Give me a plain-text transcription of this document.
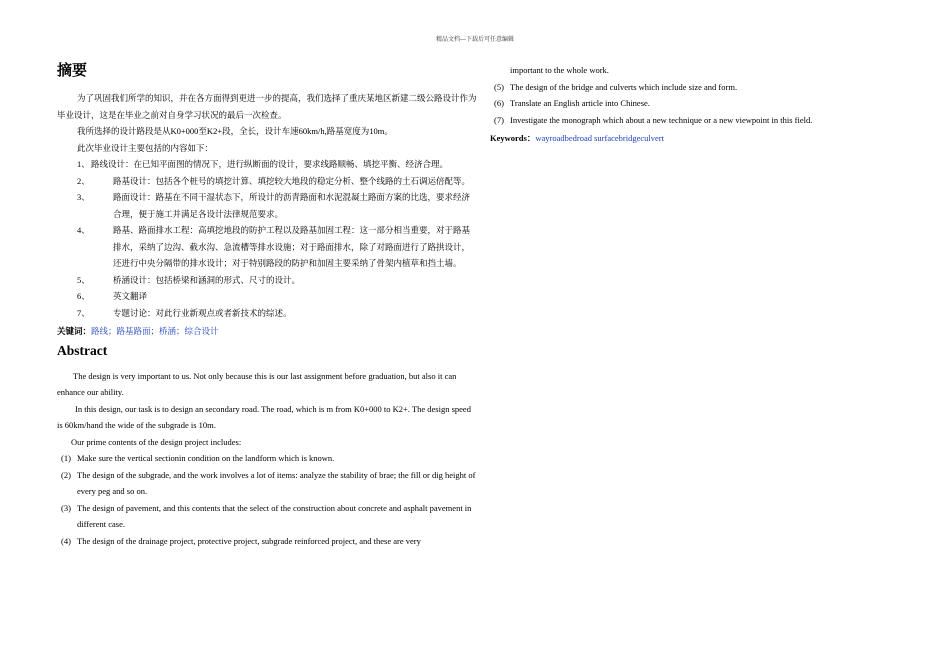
精品文档---下载后可任意编辑
摘要

为了巩固我们所学的知识，并在各方面得到更进一步的提高，我们选择了重庆某地区新建二级公路设计作为毕业设计，这是在毕业之前对自身学习状况的最后一次检查。

我所选择的设计路段是从K0+000至K2+段，全长，设计车速60km/h,路基宽度为10m。

此次毕业设计主要包括的内容如下：

1、 路线设计：在已知平面图的情况下，进行纵断面的设计，要求线路顺畅、填挖平衡、经济合理。
2、	路基设计：包括各个桩号的填挖计算、填挖较大地段的稳定分析、整个线路的土石调运倍配等。
3、	路面设计：路基在不同干湿状态下，所设计的沥青路面和水泥混凝土路面方案的比选，要求经济合理，便于施工并满足各设计法律规范要求。
4、	路基、路面排水工程：高填挖地段的防护工程以及路基加固工程：这一部分相当重要，对于路基排水，采纳了边沟、截水沟、急流槽等排水设施；对于路面排水，除了对路面进行了路拱设计，还进行中央分隔带的排水设计；对于特别路段的防护和加固主要采纳了骨架内植草和挡土墙。
5、	桥涵设计：包括桥梁和涵洞的形式、尺寸的设计。
6、	英文翻译
7、	专题讨论：对此行业新观点或者新技术的综述。
关键词：路线；路基路面；桥涵；综合设计
Abstract

The design is very important to us. Not only because this is our last assignment before graduation, but also it can enhance our ability.

In this design, our task is to design an secondary road. The road, which is m from K0+000 to K2+. The design speed is 60km/hand the wide of the subgrade is 10m.

Our prime contents of the design project includes:

(1) Make sure the vertical sectionin condition on the landform which is known.
(2) The design of the subgrade, and the work involves a lot of items: analyze the stability of brae; the fill or dig height of every peg and so on.
(3) The design of pavement, and this contents that the select of the construction about concrete and asphalt pavement in different case.
(4) The design of the drainage project, protective project, subgrade reinforced project, and these are very
important to the whole work.
(5) The design of the bridge and culverts which include size and form.
(6) Translate an English article into Chinese.
(7) Investigate the monograph which about a new technique or a new viewpoint in this field.
Keywords：wayroadbedroad surfacebridgeculvert
